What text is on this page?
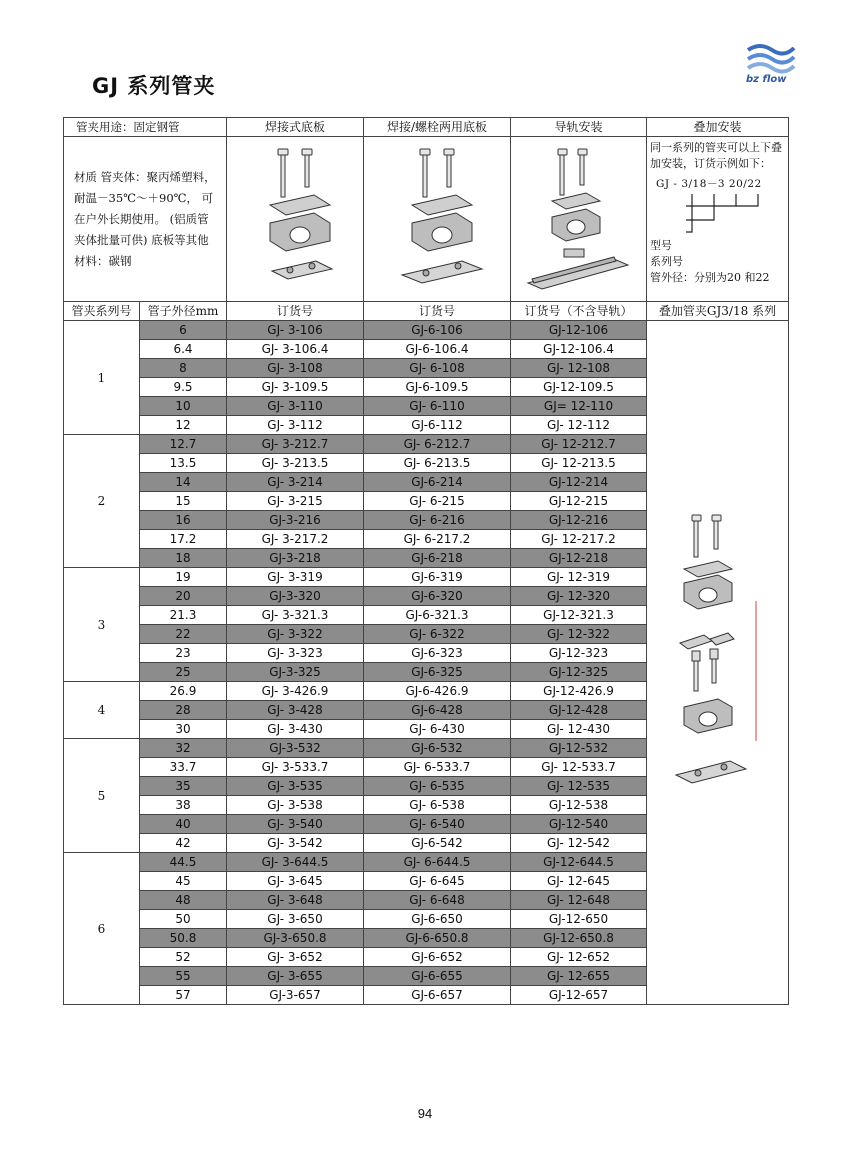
GJ 系列管夹	bz flow
管夹用途：固定钢管		焊接式底板	焊接/螺栓两用底板	导轨安装	叠加安装
材质 管夹体：聚丙烯塑料， 耐温－35℃～＋90℃， 可在户外长期使用。 (铝质管夹体批量可供) 底板等其他材料：碳钢					同一系列的管夹可以上下叠加安装，订货示例如下：
GJ - 3/18－3 20/22
型号
系列号
管外径：分别为20 和22

管夹系列号	管子外径mm	订货号	订货号	订货号（不含导轨）	叠加管夹GJ3/18 系列
1	6	GJ- 3-106	GJ-6-106	GJ-12-106	
	6.4	GJ- 3-106.4	GJ-6-106.4	GJ-12-106.4	
	8	GJ- 3-108	GJ- 6-108	GJ- 12-108	
	9.5	GJ- 3-109.5	GJ-6-109.5	GJ-12-109.5	
	10	GJ- 3-110	GJ- 6-110	GJ= 12-110	
	12	GJ- 3-112	GJ-6-112	GJ- 12-112	
2	12.7	GJ- 3-212.7	GJ- 6-212.7	GJ- 12-212.7	
	13.5	GJ- 3-213.5	GJ- 6-213.5	GJ- 12-213.5	
	14	GJ- 3-214	GJ-6-214	GJ-12-214	
	15	GJ- 3-215	GJ- 6-215	GJ-12-215	
	16	GJ-3-216	GJ- 6-216	GJ-12-216	
	17.2	GJ- 3-217.2	GJ- 6-217.2	GJ- 12-217.2	
	18	GJ-3-218	GJ-6-218	GJ-12-218	
3	19	GJ- 3-319	GJ-6-319	GJ- 12-319	
	20	GJ-3-320	GJ-6-320	GJ- 12-320	
	21.3	GJ- 3-321.3	GJ-6-321.3	GJ-12-321.3	
	22	GJ- 3-322	GJ- 6-322	GJ- 12-322	
	23	GJ- 3-323	GJ-6-323	GJ-12-323	
	25	GJ-3-325	GJ-6-325	GJ-12-325	
4	26.9	GJ- 3-426.9	GJ-6-426.9	GJ-12-426.9	
	28	GJ- 3-428	GJ-6-428	GJ-12-428	
	30	GJ- 3-430	GJ- 6-430	GJ- 12-430	
5	32	GJ-3-532	GJ-6-532	GJ-12-532	
	33.7	GJ- 3-533.7	GJ- 6-533.7	GJ- 12-533.7	
	35	GJ- 3-535	GJ- 6-535	GJ- 12-535	
	38	GJ- 3-538	GJ- 6-538	GJ-12-538	
	40	GJ- 3-540	GJ- 6-540	GJ-12-540	
	42	GJ- 3-542	GJ-6-542	GJ- 12-542	
6	44.5	GJ- 3-644.5	GJ- 6-644.5	GJ-12-644.5	
	45	GJ- 3-645	GJ- 6-645	GJ- 12-645	
	48	GJ- 3-648	GJ- 6-648	GJ- 12-648	
	50	GJ- 3-650	GJ-6-650	GJ-12-650	
	50.8	GJ-3-650.8	GJ-6-650.8	GJ-12-650.8	
	52	GJ- 3-652	GJ-6-652	GJ- 12-652	
	55	GJ- 3-655	GJ-6-655	GJ- 12-655	
	57	GJ-3-657	GJ-6-657	GJ-12-657	
94
